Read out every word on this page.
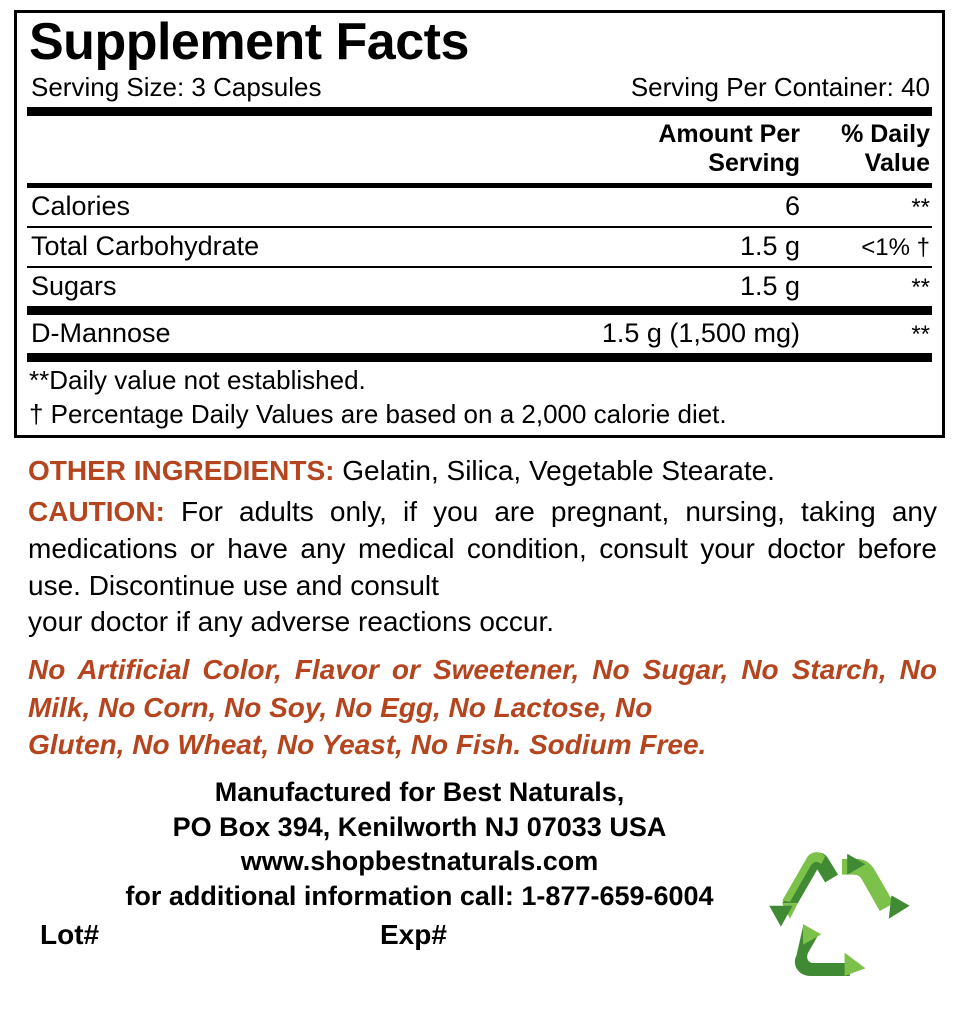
Supplement Facts
Serving Size: 3 Capsules	Serving Per Container: 40
Amount Per
Serving
% Daily
Value
Calories	6	**
Total Carbohydrate	1.5 g	<1% †
Sugars	1.5 g	**
D-Mannose	1.5 g (1,500 mg)	**
**Daily value not established.
† Percentage Daily Values are based on a 2,000 calorie diet.

OTHER INGREDIENTS: Gelatin, Silica, Vegetable Stearate.

CAUTION: For adults only, if you are pregnant, nursing, taking any medications or have any medical condition, consult your doctor before use. Discontinue use and consult
your doctor if any adverse reactions occur.

No Artificial Color, Flavor or Sweetener, No Sugar, No Starch, No Milk, No Corn, No Soy, No Egg, No Lactose, No
Gluten, No Wheat, No Yeast, No Fish. Sodium Free.

Manufactured for Best Naturals,
PO Box 394, Kenilworth NJ 07033 USA
www.shopbestnaturals.com
for additional information call: 1-877-659-6004
Lot#	Exp#
